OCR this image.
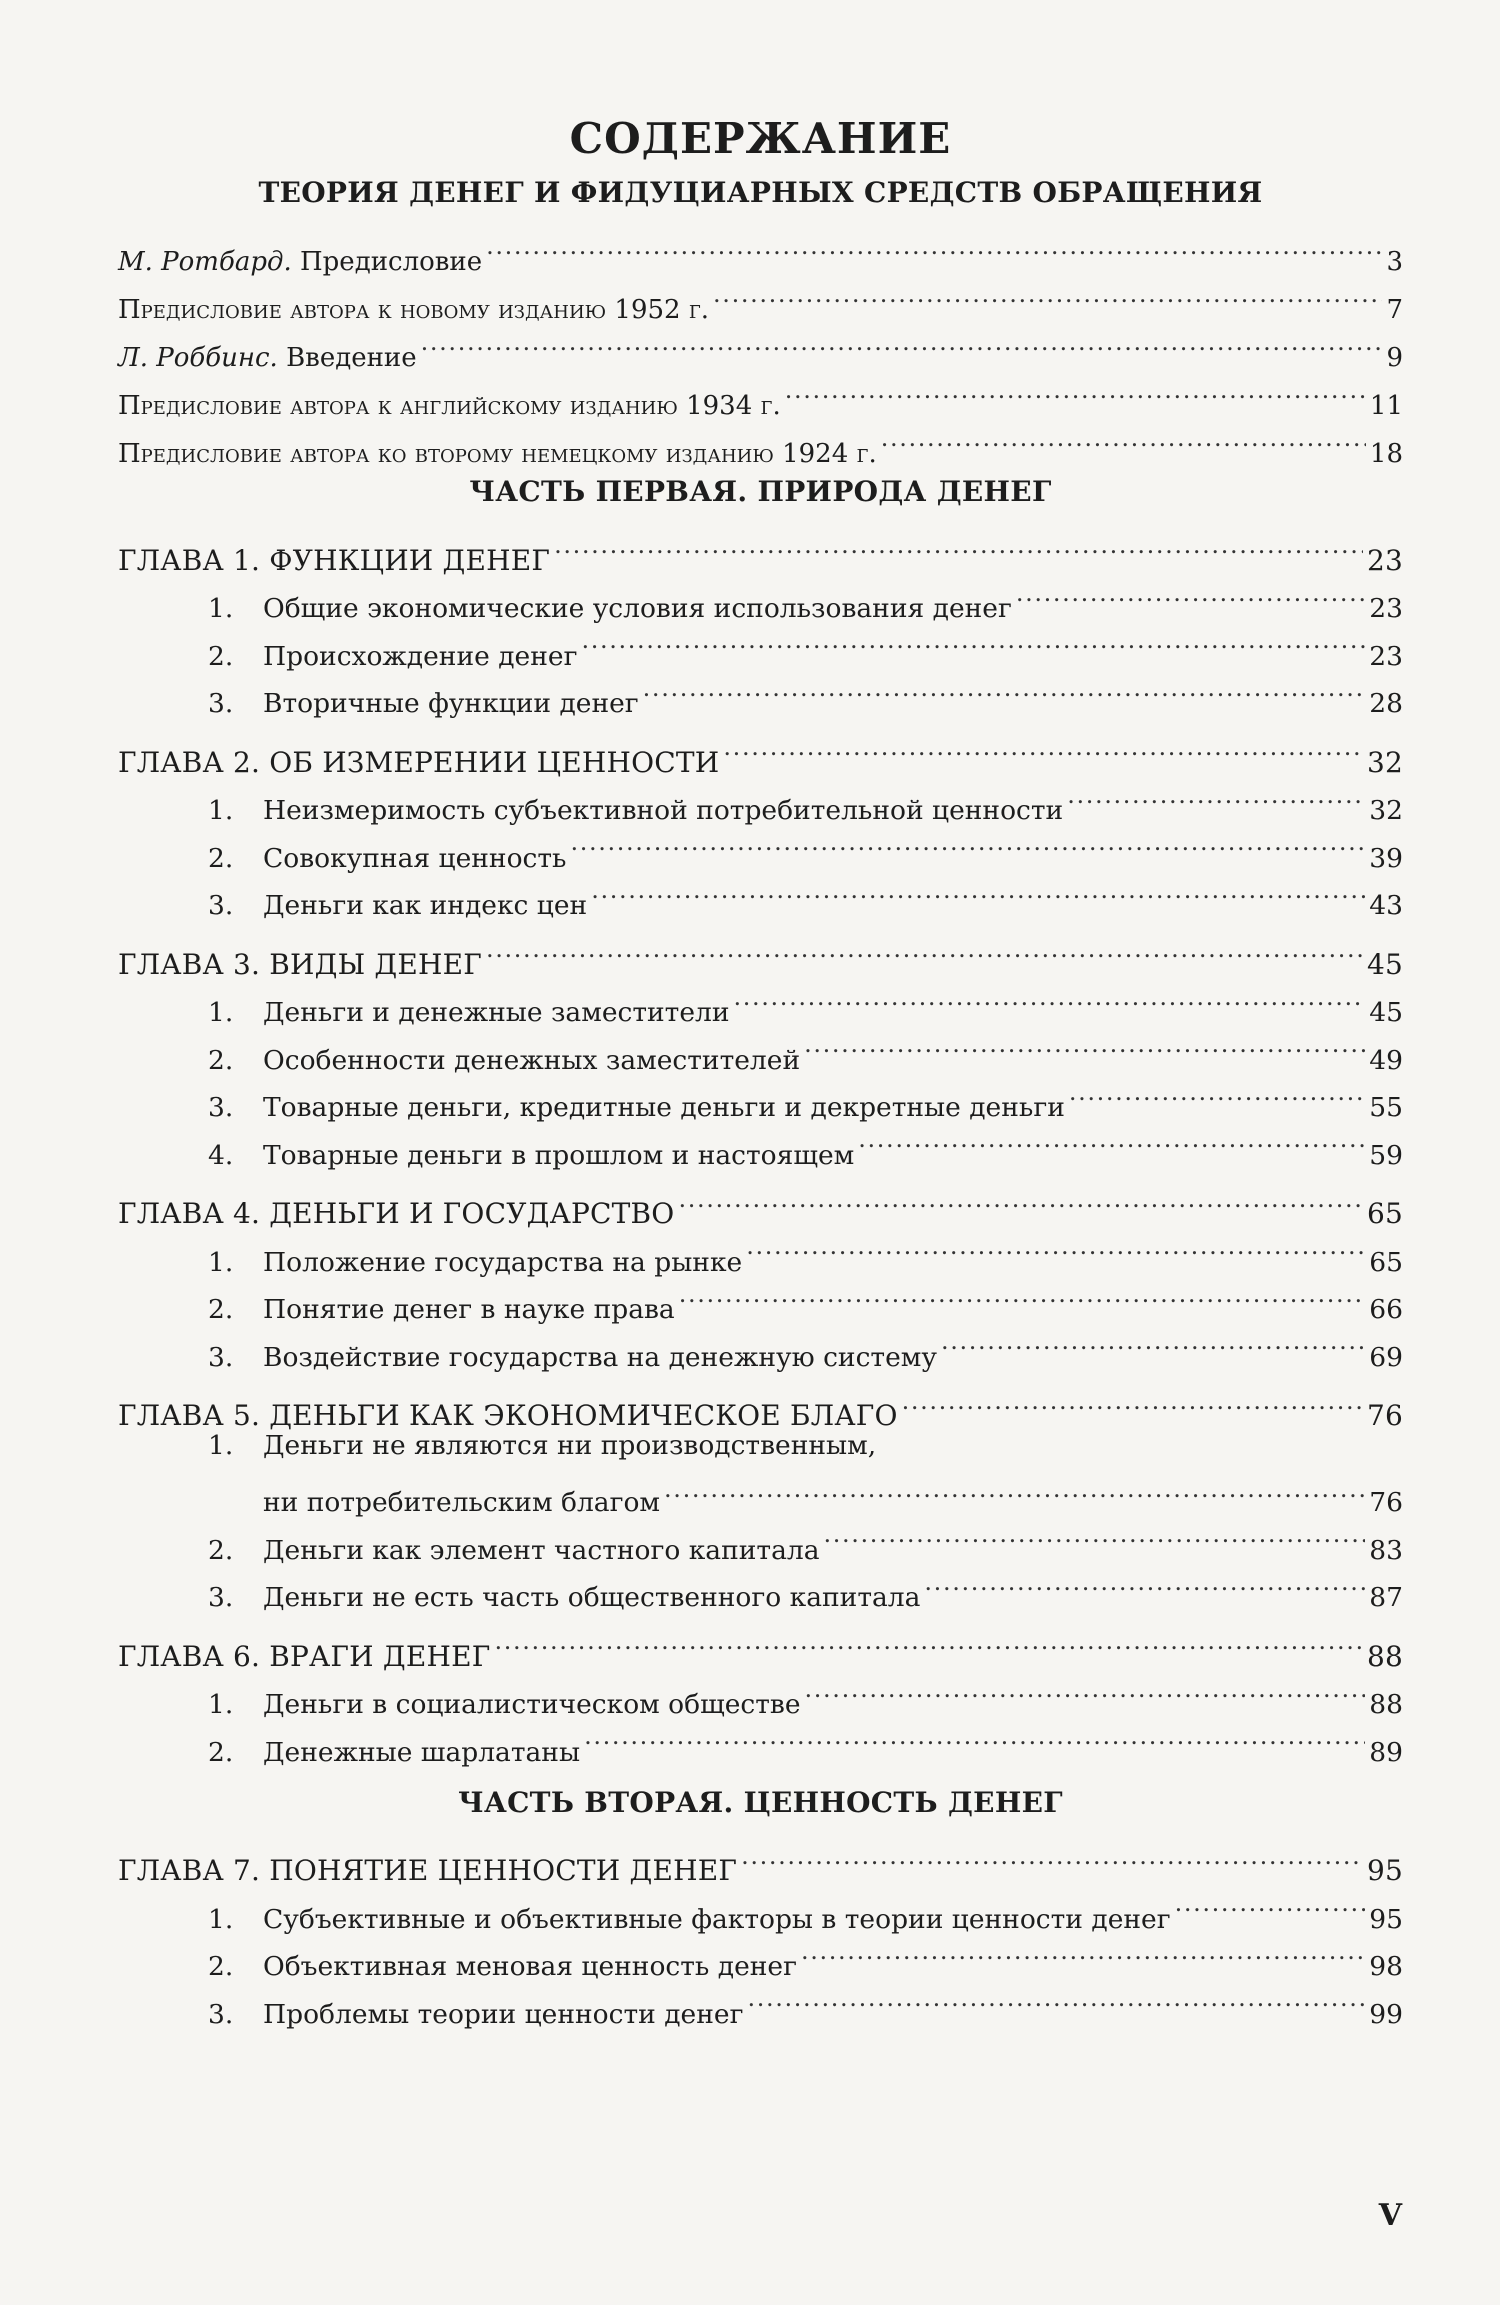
СОДЕРЖАНИЕ
ТЕОРИЯ ДЕНЕГ И ФИДУЦИАРНЫХ СРЕДСТВ ОБРАЩЕНИЯ
М. Ротбард. Предисловие . . .	3
Предисловие автора к новому изданию 1952 г. . . .	7
Л. Роббинс. Введение . . .	9
Предисловие автора к английскому изданию 1934 г. . . .	11
Предисловие автора ко второму немецкому изданию 1924 г. . . .	18
ЧАСТЬ ПЕРВАЯ. ПРИРОДА ДЕНЕГ
ГЛАВА 1. ФУНКЦИИ ДЕНЕГ . . .	23
1.	Общие экономические условия использования денег . . .	23
2.	Происхождение денег . . .	23
3.	Вторичные функции денег . . .	28
ГЛАВА 2. ОБ ИЗМЕРЕНИИ ЦЕННОСТИ . . .	32
1.	Неизмеримость субъективной потребительной ценности . . .	32
2.	Совокупная ценность . . .	39
3.	Деньги как индекс цен . . .	43
ГЛАВА 3. ВИДЫ ДЕНЕГ . . .	45
1.	Деньги и денежные заместители . . .	45
2.	Особенности денежных заместителей . . .	49
3.	Товарные деньги, кредитные деньги и декретные деньги . . .	55
4.	Товарные деньги в прошлом и настоящем . . .	59
ГЛАВА 4. ДЕНЬГИ И ГОСУДАРСТВО . . .	65
1.	Положение государства на рынке . . .	65
2.	Понятие денег в науке права . . .	66
3.	Воздействие государства на денежную систему . . .	69
ГЛАВА 5. ДЕНЬГИ КАК ЭКОНОМИЧЕСКОЕ БЛАГО . . .	76
1.	Деньги не являются ни производственным,
ни потребительским благом . . .	76
2.	Деньги как элемент частного капитала . . .	83
3.	Деньги не есть часть общественного капитала . . .	87
ГЛАВА 6. ВРАГИ ДЕНЕГ . . .	88
1.	Деньги в социалистическом обществе . . .	88
2.	Денежные шарлатаны . . .	89
ЧАСТЬ ВТОРАЯ. ЦЕННОСТЬ ДЕНЕГ
ГЛАВА 7. ПОНЯТИЕ ЦЕННОСТИ ДЕНЕГ . . .	95
1.	Субъективные и объективные факторы в теории ценности денег . . .	95
2.	Объективная меновая ценность денег . . .	98
3.	Проблемы теории ценности денег . . .	99
V
